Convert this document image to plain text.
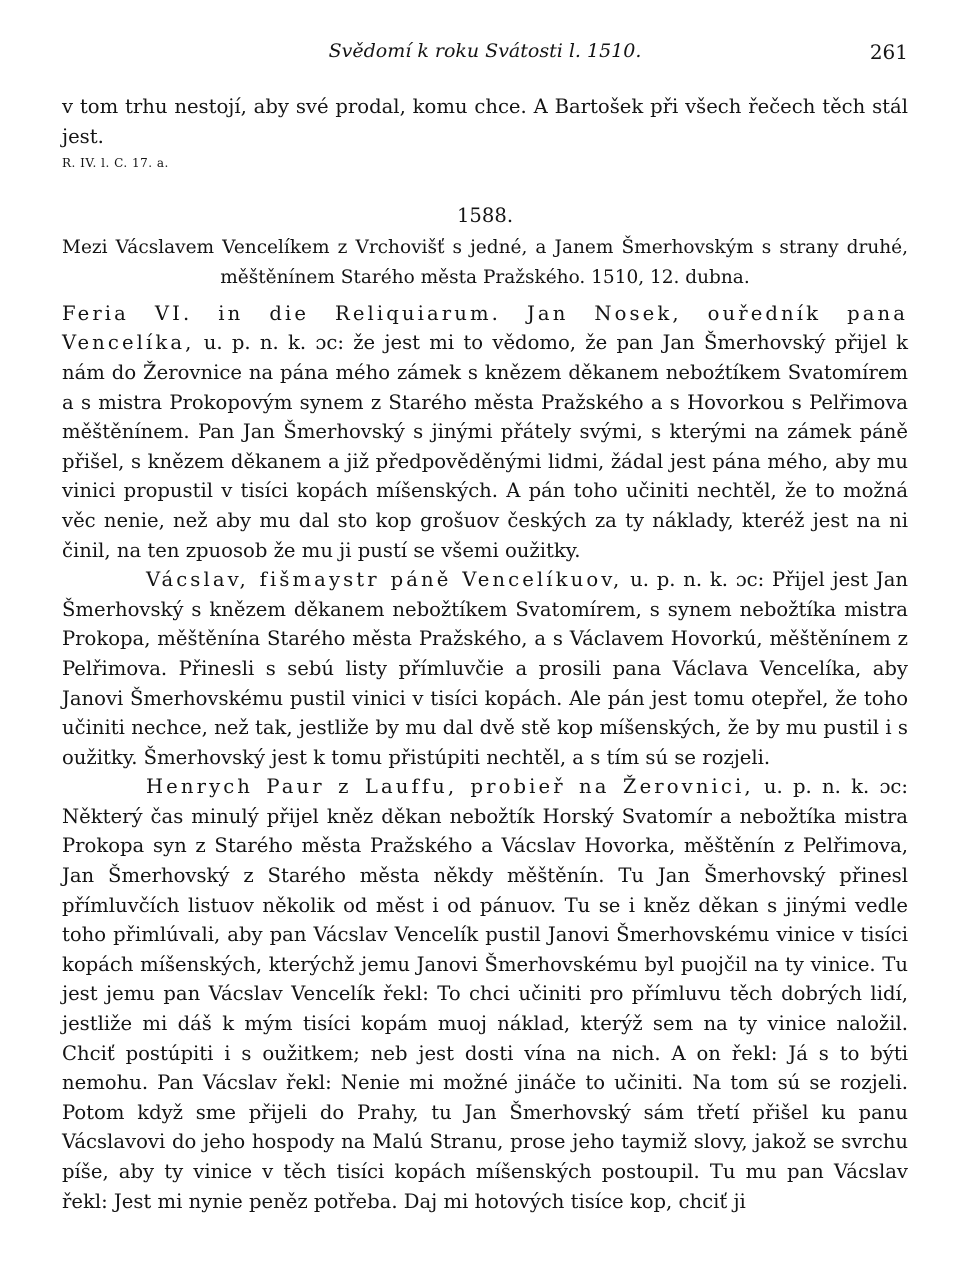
Svědomí k roku Svátosti l. 1510.	261

v tom trhu nestojí, aby své prodal, komu chce. A Bartošek při všech řečech těch stál jest.

R. IV. l. C. 17. a.

1588.

Mezi Vácslavem Vencelíkem z Vrchovišť s jedné, a Janem Šmerhovským s strany druhé, měštěnínem Starého města Pražského. 1510, 12. dubna.

Feria VI. in die Reliquiarum. Jan Nosek, ouředník pana Vencelíka, u. p. n. k. ɔc: že jest mi to vědomo, že pan Jan Šmerhovský přijel k nám do Žerovnice na pána mého zámek s knězem děkanem neboźtíkem Svatomírem a s mistra Prokopovým synem z Starého města Pražského a s Hovorkou s Pelřimova měštěnínem. Pan Jan Šmerhovský s jinými přátely svými, s kterými na zámek páně přišel, s knězem děkanem a již předpověděnými lidmi, žádal jest pána mého, aby mu vinici propustil v tisíci kopách míšenských. A pán toho učiniti nechtěl, že to možná věc nenie, než aby mu dal sto kop grošuov českých za ty náklady, kteréž jest na ni činil, na ten zpuosob že mu ji pustí se všemi oužitky.

Vácslav, fišmaystr páně Vencelíkuov, u. p. n. k. ɔc: Přijel jest Jan Šmerhovský s knězem děkanem nebožtíkem Svatomírem, s synem nebožtíka mistra Prokopa, měštěnína Starého města Pražského, a s Václavem Hovorkú, měštěnínem z Pelřimova. Přinesli s sebú listy přímluvčie a prosili pana Václava Vencelíka, aby Janovi Šmerhovskému pustil vinici v tisíci kopách. Ale pán jest tomu otepřel, že toho učiniti nechce, než tak, jestliže by mu dal dvě stě kop míšenských, že by mu pustil i s oužitky. Šmerhovský jest k tomu přistúpiti nechtěl, a s tím sú se rozjeli.

Henrych Paur z Lauffu, probieř na Žerovnici, u. p. n. k. ɔc: Některý čas minulý přijel kněz děkan nebožtík Horský Svatomír a nebožtíka mistra Prokopa syn z Starého města Pražského a Vácslav Hovorka, měštěnín z Pelřimova, Jan Šmerhovský z Starého města někdy měštěnín. Tu Jan Šmerhovský přinesl přímluvčích listuov několik od měst i od pánuov. Tu se i kněz děkan s jinými vedle toho přimlúvali, aby pan Vácslav Vencelík pustil Janovi Šmerhovskému vinice v tisíci kopách míšenských, kterýchž jemu Janovi Šmerhovskému byl puojčil na ty vinice. Tu jest jemu pan Vácslav Vencelík řekl: To chci učiniti pro přímluvu těch dobrých lidí, jestliže mi dáš k mým tisíci kopám muoj náklad, kterýž sem na ty vinice naložil. Chciť postúpiti i s oužitkem; neb jest dosti vína na nich. A on řekl: Já s to býti nemohu. Pan Vácslav řekl: Nenie mi možné jináče to učiniti. Na tom sú se rozjeli. Potom když sme přijeli do Prahy, tu Jan Šmerhovský sám třetí přišel ku panu Vácslavovi do jeho hospody na Malú Stranu, prose jeho taymiž slovy, jakož se svrchu píše, aby ty vinice v těch tisíci kopách míšenských postoupil. Tu mu pan Vácslav řekl: Jest mi nynie peněz potřeba. Daj mi hotových tisíce kop, chciť ji
